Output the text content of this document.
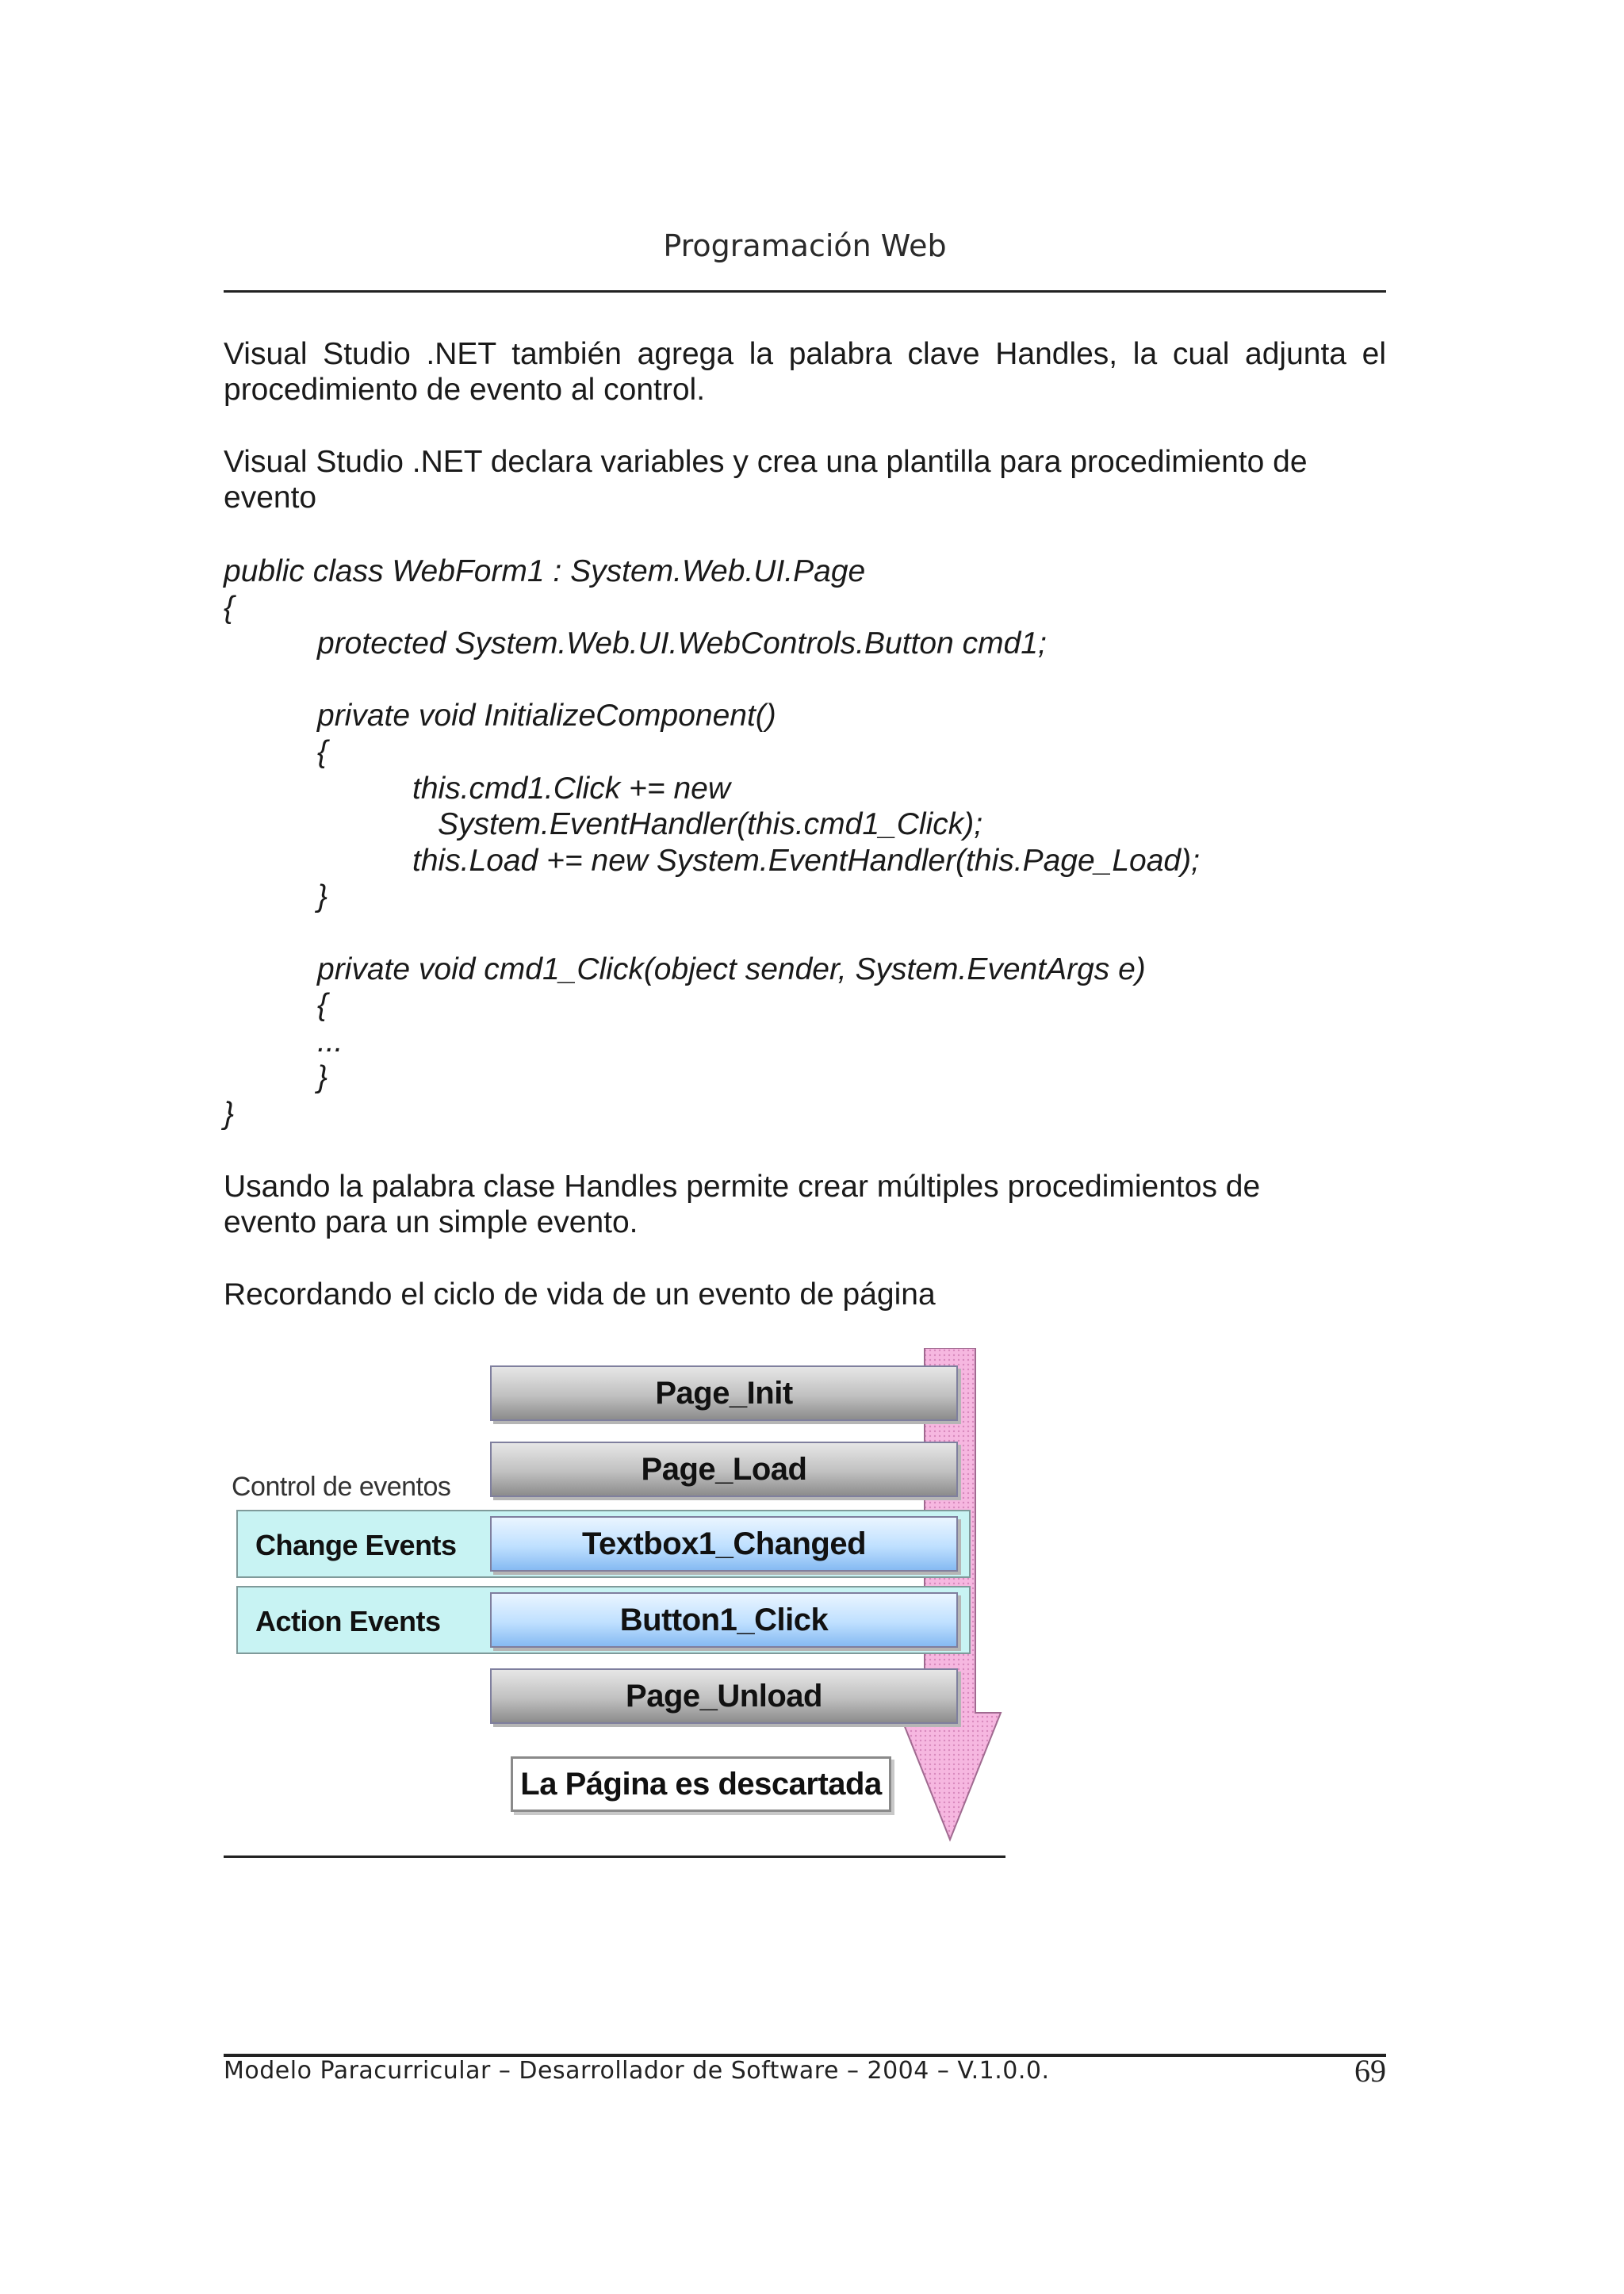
Programación Web
Visual Studio .NET también agrega la palabra clave Handles, la cual adjunta el
procedimiento de evento al control.
Visual Studio .NET declara variables y crea una plantilla para procedimiento de
evento
public class WebForm1 : System.Web.UI.Page
{
protected System.Web.UI.WebControls.Button cmd1;
private void InitializeComponent()
{
this.cmd1.Click += new
System.EventHandler(this.cmd1_Click);
this.Load += new System.EventHandler(this.Page_Load);
}
private void cmd1_Click(object sender, System.EventArgs e)
{
...
}
}
Usando la palabra clase Handles permite crear múltiples procedimientos de
evento para un simple evento.
Recordando el ciclo de vida de un evento de página
Page_Init
Page_Load
Control de eventos
Change Events	Textbox1_Changed
Action Events	Button1_Click
Page_Unload
La Página es descartada
Modelo Paracurricular – Desarrollador de Software – 2004 – V.1.0.0.	69
